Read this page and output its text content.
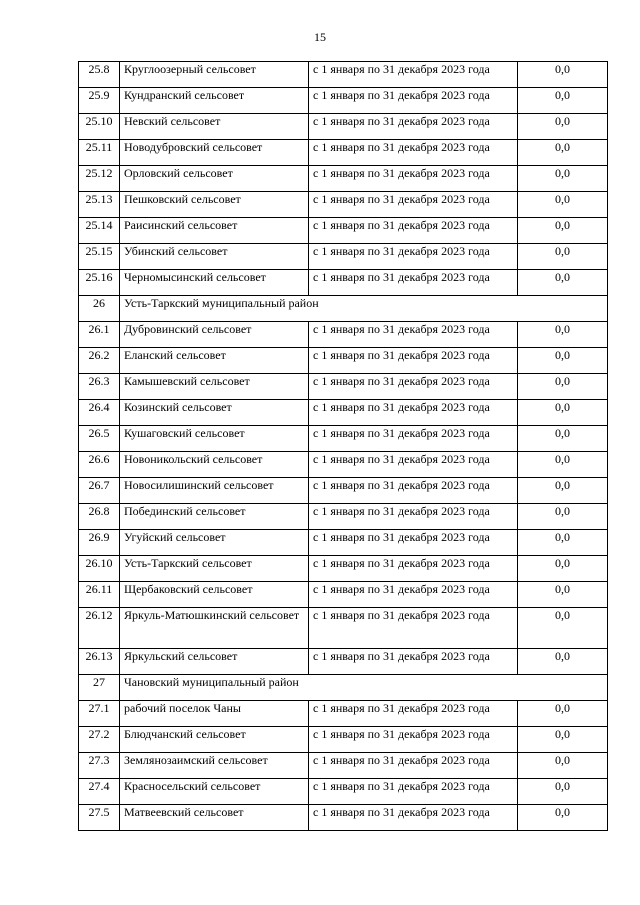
15
25.8	Круглоозерный сельсовет	с 1 января по 31 декабря 2023 года	0,0
25.9	Кундранский сельсовет	с 1 января по 31 декабря 2023 года	0,0
25.10	Невский сельсовет	с 1 января по 31 декабря 2023 года	0,0
25.11	Новодубровский сельсовет	с 1 января по 31 декабря 2023 года	0,0
25.12	Орловский сельсовет	с 1 января по 31 декабря 2023 года	0,0
25.13	Пешковский сельсовет	с 1 января по 31 декабря 2023 года	0,0
25.14	Раисинский сельсовет	с 1 января по 31 декабря 2023 года	0,0
25.15	Убинский сельсовет	с 1 января по 31 декабря 2023 года	0,0
25.16	Черномысинский сельсовет	с 1 января по 31 декабря 2023 года	0,0
26	Усть-Таркский муниципальный район		
26.1	Дубровинский сельсовет	с 1 января по 31 декабря 2023 года	0,0
26.2	Еланский сельсовет	с 1 января по 31 декабря 2023 года	0,0
26.3	Камышевский сельсовет	с 1 января по 31 декабря 2023 года	0,0
26.4	Козинский сельсовет	с 1 января по 31 декабря 2023 года	0,0
26.5	Кушаговский сельсовет	с 1 января по 31 декабря 2023 года	0,0
26.6	Новоникольский сельсовет	с 1 января по 31 декабря 2023 года	0,0
26.7	Новосилишинский сельсовет	с 1 января по 31 декабря 2023 года	0,0
26.8	Побединский сельсовет	с 1 января по 31 декабря 2023 года	0,0
26.9	Угуйский сельсовет	с 1 января по 31 декабря 2023 года	0,0
26.10	Усть-Таркский сельсовет	с 1 января по 31 декабря 2023 года	0,0
26.11	Щербаковский сельсовет	с 1 января по 31 декабря 2023 года	0,0
26.12	Яркуль-Матюшкинский сельсовет	с 1 января по 31 декабря 2023 года	0,0
26.13	Яркульский сельсовет	с 1 января по 31 декабря 2023 года	0,0
27	Чановский муниципальный район		
27.1	рабочий поселок Чаны	с 1 января по 31 декабря 2023 года	0,0
27.2	Блюдчанский сельсовет	с 1 января по 31 декабря 2023 года	0,0
27.3	Землянозаимский сельсовет	с 1 января по 31 декабря 2023 года	0,0
27.4	Красносельский сельсовет	с 1 января по 31 декабря 2023 года	0,0
27.5	Матвеевский сельсовет	с 1 января по 31 декабря 2023 года	0,0
